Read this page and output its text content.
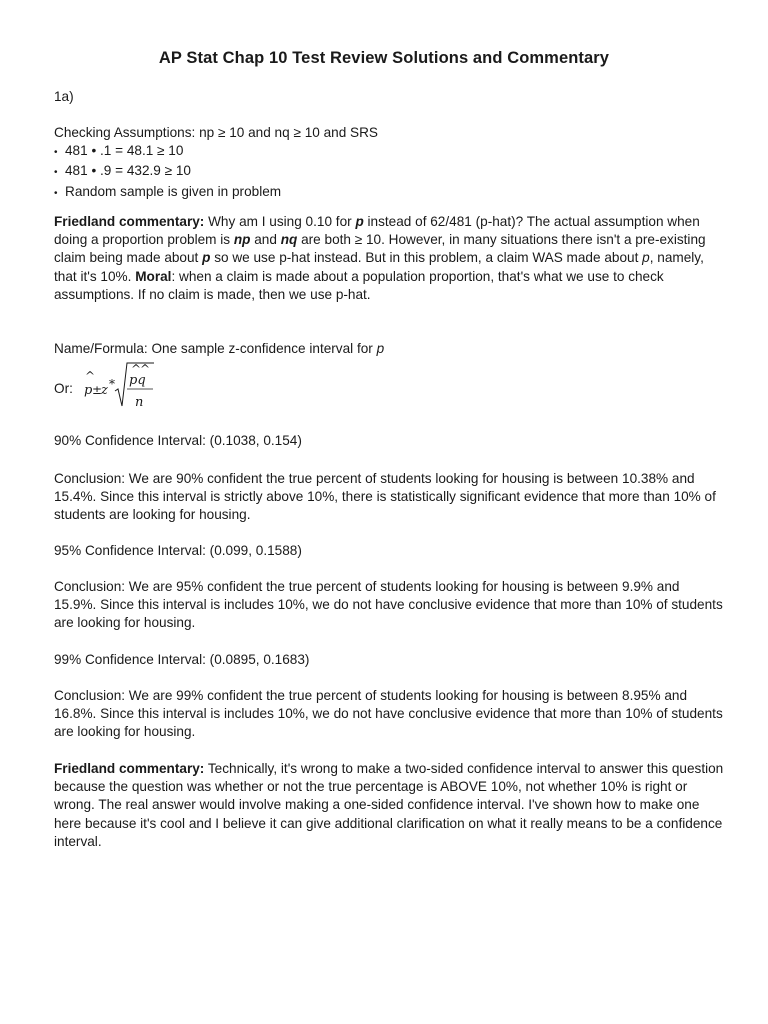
AP Stat Chap 10 Test Review Solutions and Commentary
1a)

Checking Assumptions: np ≥ 10 and nq ≥ 10 and SRS

• 481 • .1 = 48.1 ≥ 10

• 481 • .9 = 432.9 ≥ 10

• Random sample is given in problem

Friedland commentary: Why am I using 0.10 for p instead of 62/481 (p-hat)? The actual assumption when doing a proportion problem is np and nq are both ≥ 10. However, in many situations there isn't a pre-existing claim being made about p so we use p-hat instead. But in this problem, a claim WAS made about p, namely, that it's 10%. Moral: when a claim is made about a population proportion, that's what we use to check assumptions. If no claim is made, then we use p-hat.

Name/Formula: One sample z-confidence interval for p

Or:
^
p ±
z *
^
^
pq
n
90% Confidence Interval: (0.1038, 0.154)
Conclusion: We are 90% confident the true percent of students looking for housing is between 10.38% and 15.4%. Since this interval is strictly above 10%, there is statistically significant evidence that more than 10% of students are looking for housing.
95% Confidence Interval: (0.099, 0.1588)
Conclusion: We are 95% confident the true percent of students looking for housing is between 9.9% and 15.9%. Since this interval is includes 10%, we do not have conclusive evidence that more than 10% of students are looking for housing.
99% Confidence Interval: (0.0895, 0.1683)
Conclusion: We are 99% confident the true percent of students looking for housing is between 8.95% and 16.8%. Since this interval is includes 10%, we do not have conclusive evidence that more than 10% of students are looking for housing.

Friedland commentary: Technically, it's wrong to make a two-sided confidence interval to answer this question because the question was whether or not the true percentage is ABOVE 10%, not whether 10% is right or wrong. The real answer would involve making a one-sided confidence interval. I've shown how to make one here because it's cool and I believe it can give additional clarification on what it really means to be a confidence interval.
